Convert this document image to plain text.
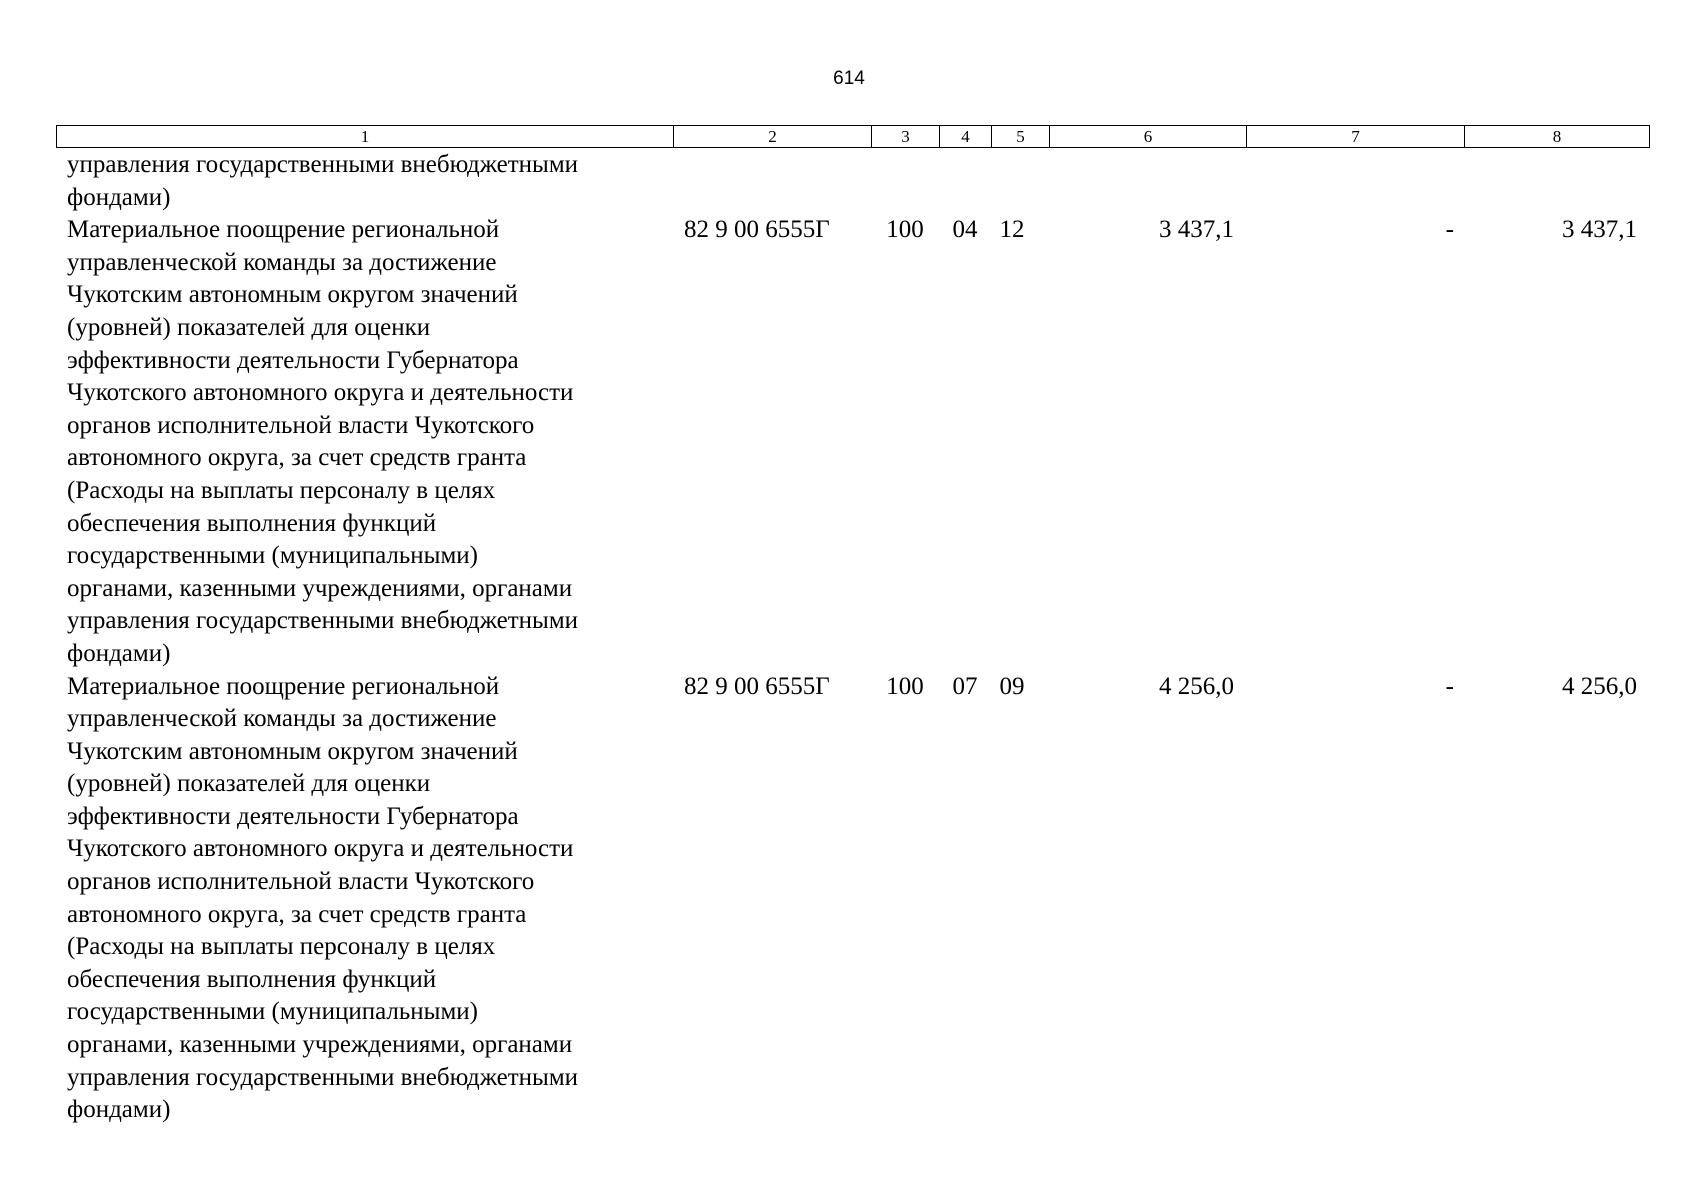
614
1	2	3	4	5	6	7	8
управления государственными внебюджетными
фондами)
Материальное поощрение региональной
управленческой команды за достижение
Чукотским автономным округом значений
(уровней) показателей для оценки
эффективности деятельности Губернатора
Чукотского автономного округа и деятельности
органов исполнительной власти Чукотского
автономного округа, за счет средств гранта
(Расходы на выплаты персоналу в целях
обеспечения выполнения функций
государственными (муниципальными)
органами, казенными учреждениями, органами
управления государственными внебюджетными
фондами)
82 9 00 6555Г	100	04 12	3 437,1	-	3 437,1
Материальное поощрение региональной
управленческой команды за достижение
Чукотским автономным округом значений
(уровней) показателей для оценки
эффективности деятельности Губернатора
Чукотского автономного округа и деятельности
органов исполнительной власти Чукотского
автономного округа, за счет средств гранта
(Расходы на выплаты персоналу в целях
обеспечения выполнения функций
государственными (муниципальными)
органами, казенными учреждениями, органами
управления государственными внебюджетными
фондами)
82 9 00 6555Г	100	07 09	4 256,0	-	4 256,0
